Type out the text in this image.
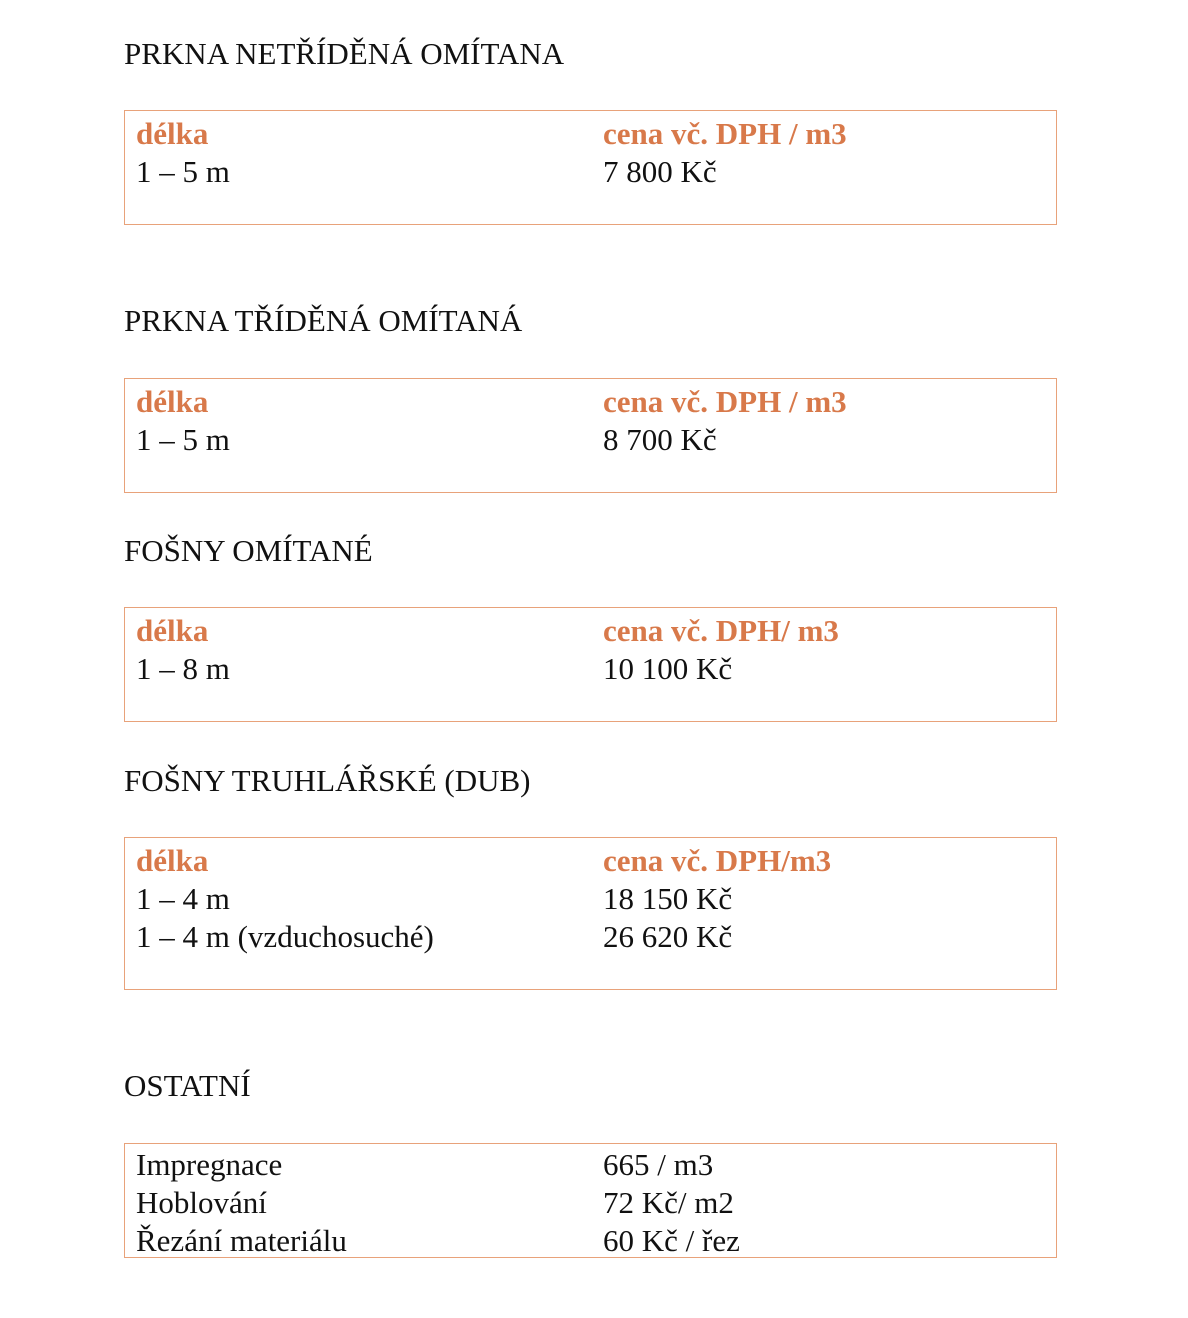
PRKNA NETŘÍDĚNÁ OMÍTANA
délka
1 – 5 m
cena vč. DPH / m3
7 800 Kč
PRKNA TŘÍDĚNÁ OMÍTANÁ
délka
1 – 5 m
cena vč. DPH / m3
8 700 Kč
FOŠNY OMÍTANÉ
délka
1 – 8 m
cena vč. DPH/ m3
10 100 Kč
FOŠNY TRUHLÁŘSKÉ (DUB)
délka
1 – 4 m
1 – 4 m (vzduchosuché)
cena vč. DPH/m3
18 150 Kč
26 620 Kč
OSTATNÍ
Impregnace
Hoblování
Řezání materiálu
665 / m3
72 Kč/ m2
60 Kč / řez
